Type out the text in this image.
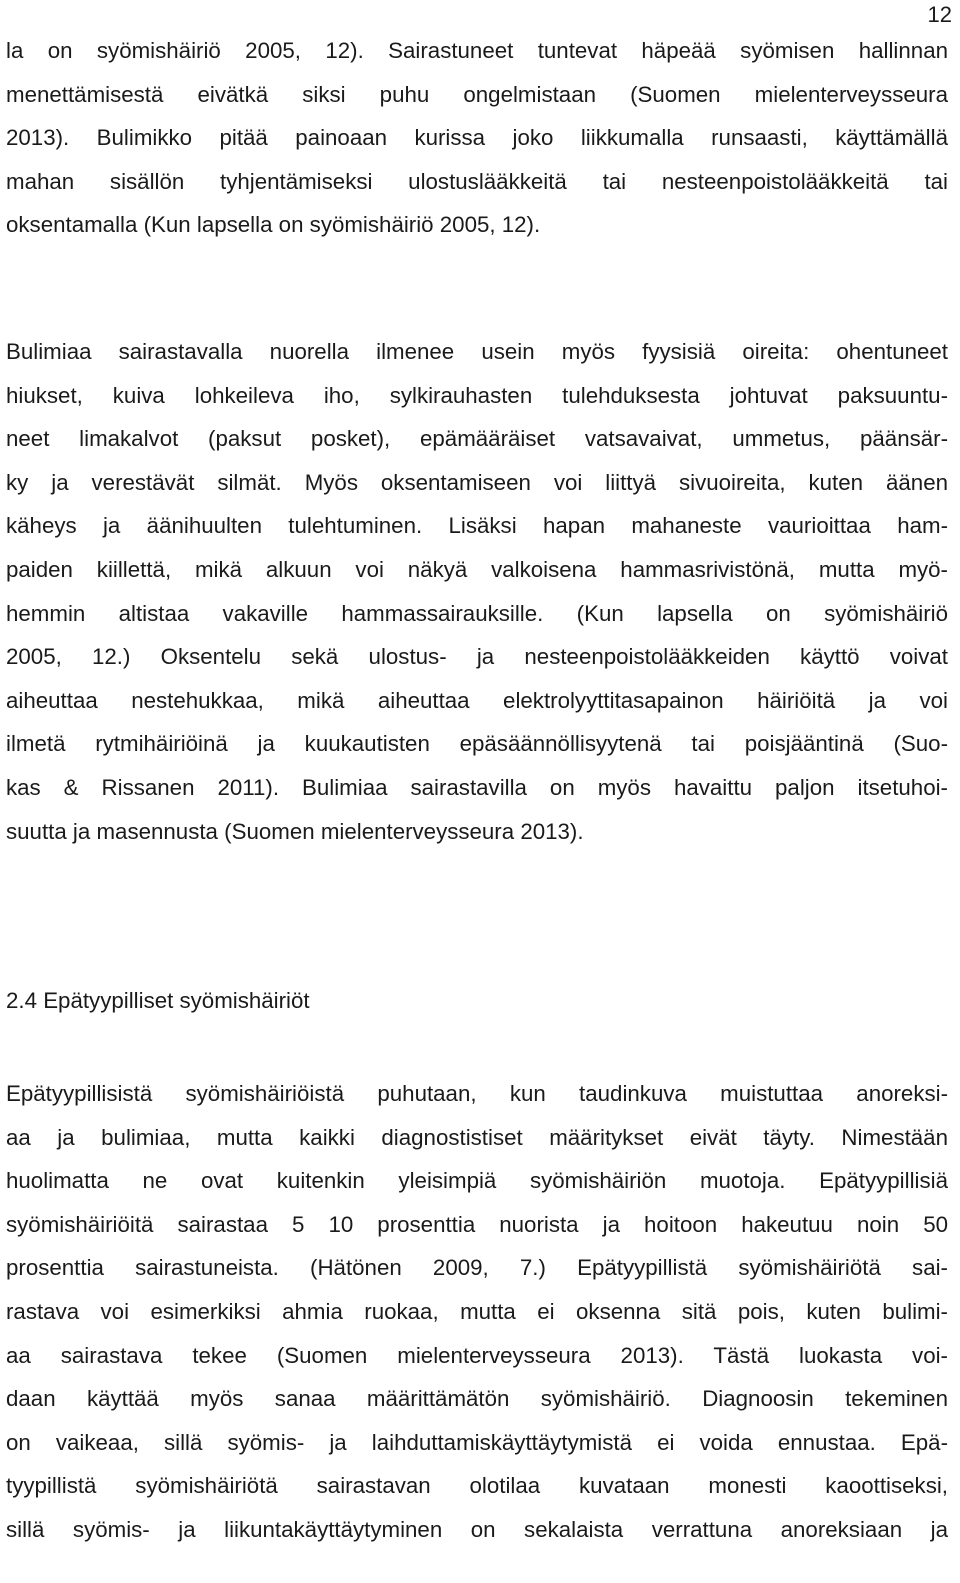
12
la on syömishäiriö 2005, 12). Sairastuneet tuntevat häpeää syömisen hallinnan
menettämisestä eivätkä siksi puhu ongelmistaan (Suomen mielenterveysseura
2013). Bulimikko pitää painoaan kurissa joko liikkumalla runsaasti, käyttämällä
mahan sisällön tyhjentämiseksi ulostuslääkkeitä tai nesteenpoistolääkkeitä tai
oksentamalla (Kun lapsella on syömishäiriö 2005, 12).
Bulimiaa sairastavalla nuorella ilmenee usein myös fyysisiä oireita: ohentuneet
hiukset, kuiva lohkeileva iho, sylkirauhasten tulehduksesta johtuvat paksuuntu-
neet limakalvot (paksut posket), epämääräiset vatsavaivat, ummetus, päänsär-
ky ja verestävät silmät. Myös oksentamiseen voi liittyä sivuoireita, kuten äänen
käheys ja äänihuulten tulehtuminen. Lisäksi hapan mahaneste vaurioittaa ham-
paiden kiillettä, mikä alkuun voi näkyä valkoisena hammasrivistönä, mutta myö-
hemmin altistaa vakaville hammassairauksille. (Kun lapsella on syömishäiriö
2005, 12.) Oksentelu sekä ulostus- ja nesteenpoistolääkkeiden käyttö voivat
aiheuttaa nestehukkaa, mikä aiheuttaa elektrolyyttitasapainon häiriöitä ja voi
ilmetä rytmihäiriöinä ja kuukautisten epäsäännöllisyytenä tai poisjääntinä (Suo-
kas & Rissanen 2011). Bulimiaa sairastavilla on myös havaittu paljon itsetuhoi-
suutta ja masennusta (Suomen mielenterveysseura 2013).
2.4 Epätyypilliset syömishäiriöt
Epätyypillisistä syömishäiriöistä puhutaan, kun taudinkuva muistuttaa anoreksi-
aa ja bulimiaa, mutta kaikki diagnostistiset määritykset eivät täyty. Nimestään
huolimatta ne ovat kuitenkin yleisimpiä syömishäiriön muotoja. Epätyypillisiä
syömishäiriöitä sairastaa 5 10 prosenttia nuorista ja hoitoon hakeutuu noin 50
prosenttia sairastuneista. (Hätönen 2009, 7.) Epätyypillistä syömishäiriötä sai-
rastava voi esimerkiksi ahmia ruokaa, mutta ei oksenna sitä pois, kuten bulimi-
aa sairastava tekee (Suomen mielenterveysseura 2013). Tästä luokasta voi-
daan käyttää myös sanaa määrittämätön syömishäiriö. Diagnoosin tekeminen
on vaikeaa, sillä syömis- ja laihduttamiskäyttäytymistä ei voida ennustaa. Epä-
tyypillistä syömishäiriötä sairastavan olotilaa kuvataan monesti kaoottiseksi,
sillä syömis- ja liikuntakäyttäytyminen on sekalaista verrattuna anoreksiaan ja
